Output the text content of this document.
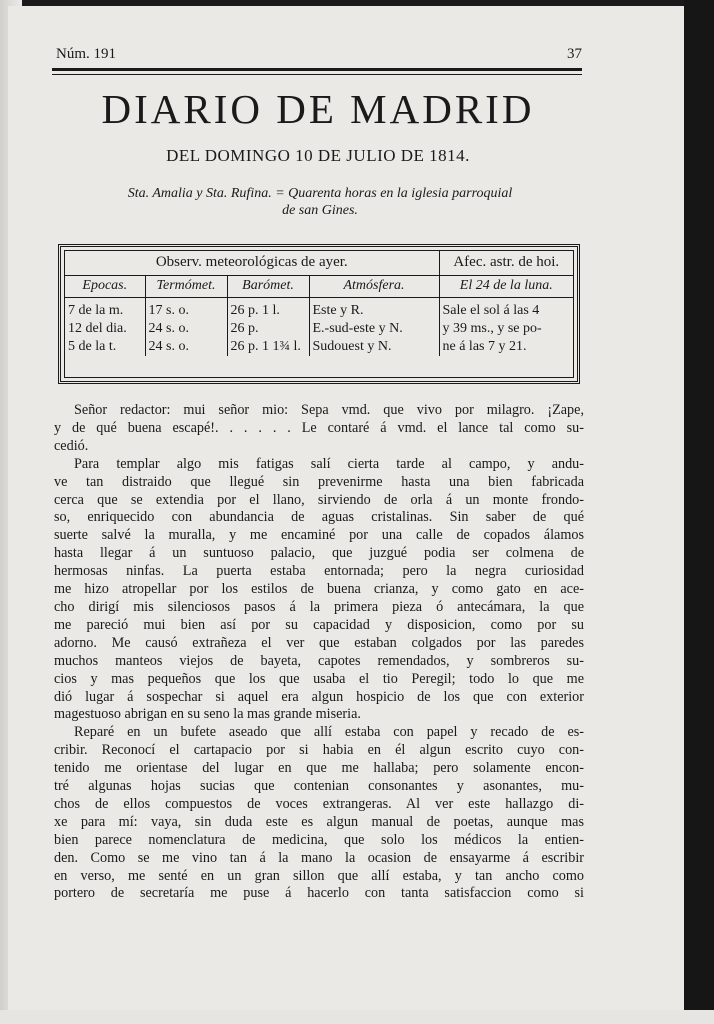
Núm. 191	37
DIARIO DE MADRID
DEL DOMINGO 10 DE JULIO DE 1814.
Sta. Amalia y Sta. Rufina. = Quarenta horas en la iglesia parroquial
de san Gines.
Observ. meteorológicas de ayer.				Afec. astr. de hoi.
Epocas.	Termómet.	Barómet.	Atmósfera.	El 24 de la luna.
7 de la m.	17 s. o.	26 p. 1 l.	Este y R.	Sale el sol á las 4
12 del dia.	24 s. o.	26 p.	E.-sud-este y N.	y 39 ms., y se po-
5 de la t.	24 s. o.	26 p. 1 1¾ l.	Sudouest y N.	ne á las 7 y 21.
Señor redactor: mui señor mio: Sepa vmd. que vivo por milagro. ¡Zape,
y de qué buena escapé!. . . . . . Le contaré á vmd. el lance tal como su-
cedió.
Para templar algo mis fatigas salí cierta tarde al campo, y andu-
ve tan distraido que llegué sin prevenirme hasta una bien fabricada
cerca que se extendia por el llano, sirviendo de orla á un monte frondo-
so, enriquecido con abundancia de aguas cristalinas. Sin saber de qué
suerte salvé la muralla, y me encaminé por una calle de copados álamos
hasta llegar á un suntuoso palacio, que juzgué podia ser colmena de
hermosas ninfas. La puerta estaba entornada; pero la negra curiosidad
me hizo atropellar por los estilos de buena crianza, y como gato en ace-
cho dirigí mis silenciosos pasos á la primera pieza ó antecámara, la que
me pareció mui bien así por su capacidad y disposicion, como por su
adorno. Me causó extrañeza el ver que estaban colgados por las paredes
muchos manteos viejos de bayeta, capotes remendados, y sombreros su-
cios y mas pequeños que los que usaba el tio Peregil; todo lo que me
dió lugar á sospechar si aquel era algun hospicio de los que con exterior
magestuoso abrigan en su seno la mas grande miseria.
Reparé en un bufete aseado que allí estaba con papel y recado de es-
cribir. Reconocí el cartapacio por si habia en él algun escrito cuyo con-
tenido me orientase del lugar en que me hallaba; pero solamente encon-
tré algunas hojas sucias que contenian consonantes y asonantes, mu-
chos de ellos compuestos de voces extrangeras. Al ver este hallazgo di-
xe para mí: vaya, sin duda este es algun manual de poetas, aunque mas
bien parece nomenclatura de medicina, que solo los médicos la entien-
den. Como se me vino tan á la mano la ocasion de ensayarme á escribir
en verso, me senté en un gran sillon que allí estaba, y tan ancho como
portero de secretaría me puse á hacerlo con tanta satisfaccion como si
